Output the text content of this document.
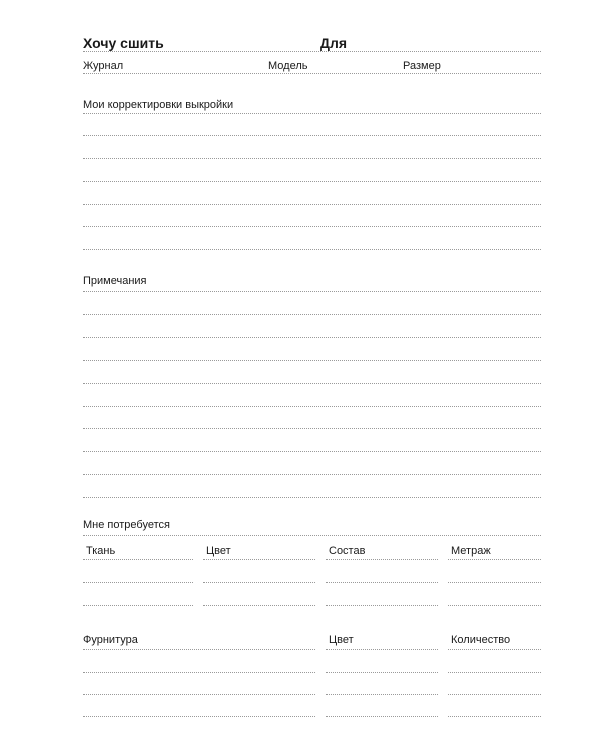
Хочу сшить	Для
Журнал	Модель	Размер
Мои корректировки выкройки
Примечания
Мне потребуется
Ткань	Цвет	Состав	Метраж
Фурнитура	Цвет	Количество
